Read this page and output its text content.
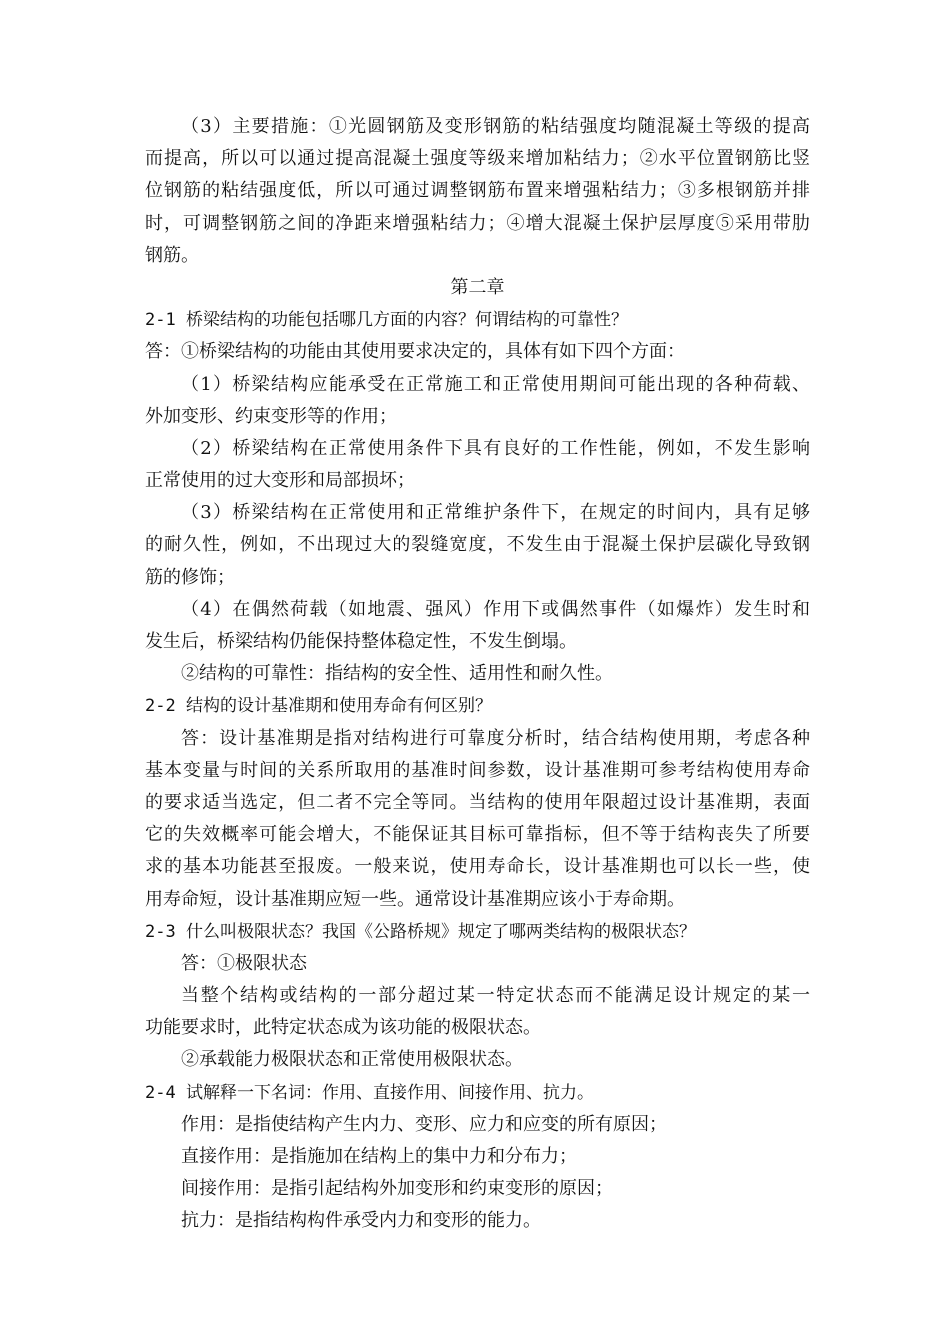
（3）主要措施：①光圆钢筋及变形钢筋的粘结强度均随混凝土等级的提高
而提高，所以可以通过提高混凝土强度等级来增加粘结力；②水平位置钢筋比竖
位钢筋的粘结强度低，所以可通过调整钢筋布置来增强粘结力；③多根钢筋并排
时，可调整钢筋之间的净距来增强粘结力；④增大混凝土保护层厚度⑤采用带肋
钢筋。
第二章
2-1 桥梁结构的功能包括哪几方面的内容？何谓结构的可靠性？
答：①桥梁结构的功能由其使用要求决定的，具体有如下四个方面：
（1）桥梁结构应能承受在正常施工和正常使用期间可能出现的各种荷载、
外加变形、约束变形等的作用；
（2）桥梁结构在正常使用条件下具有良好的工作性能，例如，不发生影响
正常使用的过大变形和局部损坏；
（3）桥梁结构在正常使用和正常维护条件下，在规定的时间内，具有足够
的耐久性，例如，不出现过大的裂缝宽度，不发生由于混凝土保护层碳化导致钢
筋的修饰；
（4）在偶然荷载（如地震、强风）作用下或偶然事件（如爆炸）发生时和
发生后，桥梁结构仍能保持整体稳定性，不发生倒塌。
②结构的可靠性：指结构的安全性、适用性和耐久性。
2-2 结构的设计基准期和使用寿命有何区别？
答：设计基准期是指对结构进行可靠度分析时，结合结构使用期，考虑各种
基本变量与时间的关系所取用的基准时间参数，设计基准期可参考结构使用寿命
的要求适当选定，但二者不完全等同。当结构的使用年限超过设计基准期，表面
它的失效概率可能会增大，不能保证其目标可靠指标，但不等于结构丧失了所要
求的基本功能甚至报废。一般来说，使用寿命长，设计基准期也可以长一些，使
用寿命短，设计基准期应短一些。通常设计基准期应该小于寿命期。
2-3 什么叫极限状态？我国《公路桥规》规定了哪两类结构的极限状态？
答：①极限状态
当整个结构或结构的一部分超过某一特定状态而不能满足设计规定的某一
功能要求时，此特定状态成为该功能的极限状态。
②承载能力极限状态和正常使用极限状态。
2-4 试解释一下名词：作用、直接作用、间接作用、抗力。
作用：是指使结构产生内力、变形、应力和应变的所有原因；
直接作用：是指施加在结构上的集中力和分布力；
间接作用：是指引起结构外加变形和约束变形的原因；
抗力：是指结构构件承受内力和变形的能力。
